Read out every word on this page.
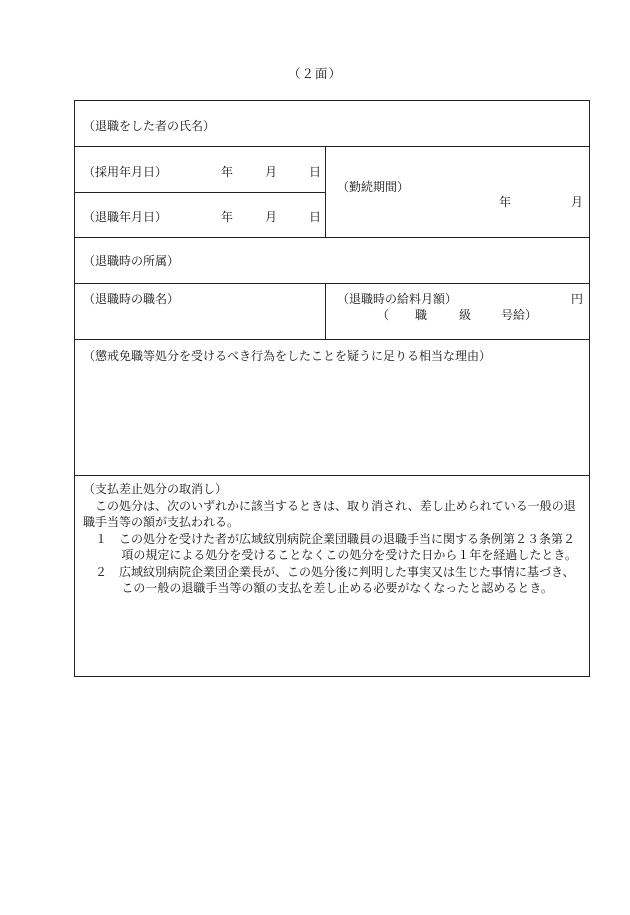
（２面）
（退職をした者の氏名）
（採用年月日）	年	月	日
（退職年月日）	年	月	日
（勤続期間）
年	月
（退職時の所属）
（退職時の職名）	（退職時の給料月額）	円
（ 職	級 号給）
（懲戒免職等処分を受けるべき行為をしたことを疑うに足りる相当な理由）

（支払差止処分の取消し）

この処分は、次のいずれかに該当するときは、取り消され、差し止められている一般の退職手当等の額が支払われる。

１　この処分を受けた者が広域紋別病院企業団職員の退職手当に関する条例第２３条第２項の規定による処分を受けることなくこの処分を受けた日から１年を経過したとき。

２　広域紋別病院企業団企業長が、この処分後に判明した事実又は生じた事情に基づき、この一般の退職手当等の額の支払を差し止める必要がなくなったと認めるとき。
